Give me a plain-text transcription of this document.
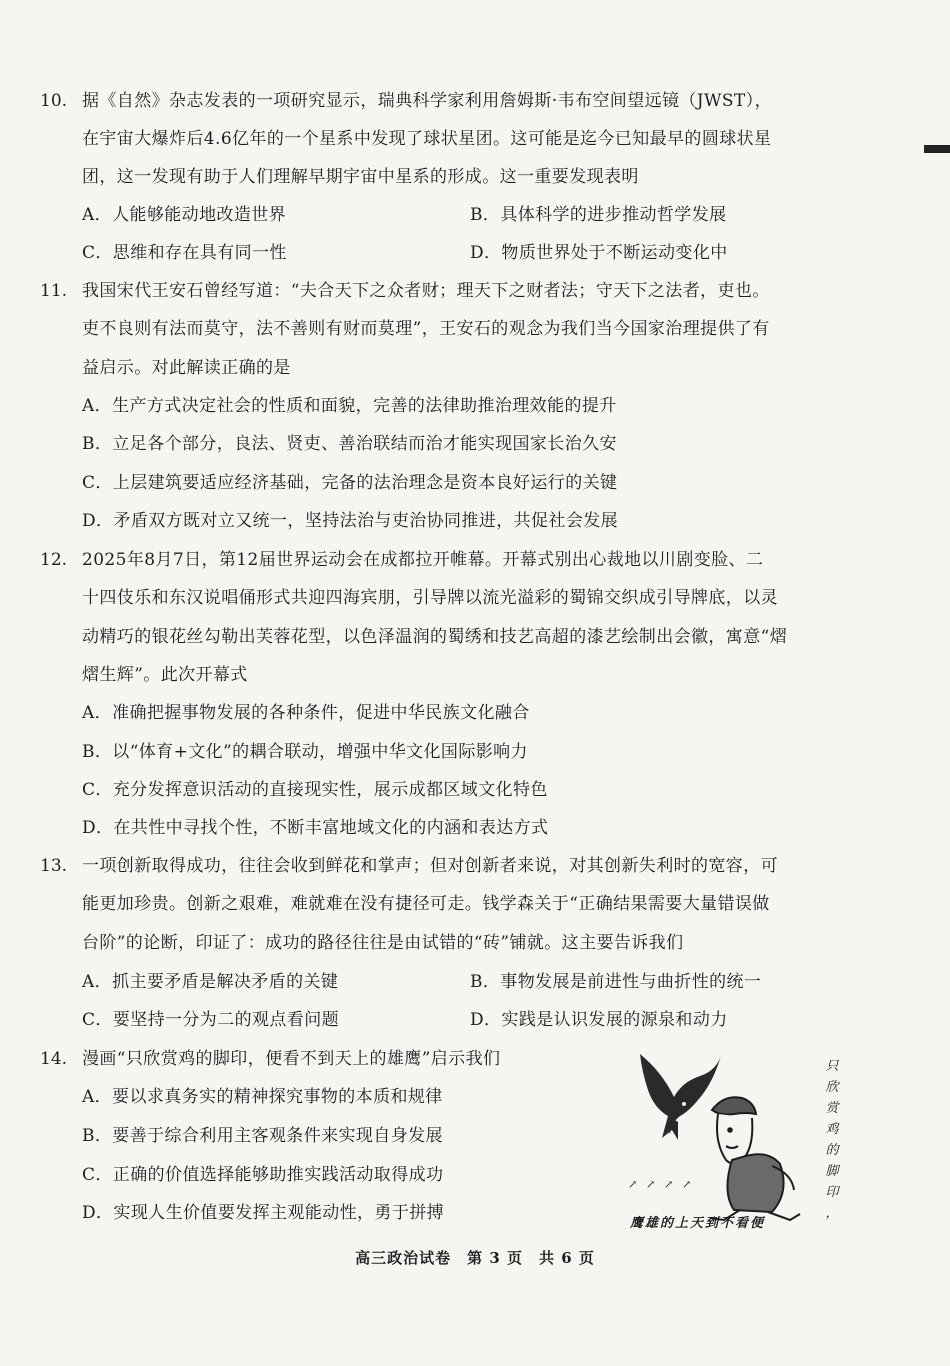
10. 据《自然》杂志发表的一项研究显示，瑞典科学家利用詹姆斯·韦布空间望远镜（JWST），
在宇宙大爆炸后4.6亿年的一个星系中发现了球状星团。这可能是迄今已知最早的圆球状星
团，这一发现有助于人们理解早期宇宙中星系的形成。这一重要发现表明
A．人能够能动地改造世界	B．具体科学的进步推动哲学发展
C．思维和存在具有同一性	D．物质世界处于不断运动变化中
11. 我国宋代王安石曾经写道：“夫合天下之众者财；理天下之财者法；守天下之法者，吏也。
吏不良则有法而莫守，法不善则有财而莫理”，王安石的观念为我们当今国家治理提供了有
益启示。对此解读正确的是
A．生产方式决定社会的性质和面貌，完善的法律助推治理效能的提升
B．立足各个部分，良法、贤吏、善治联结而治才能实现国家长治久安
C．上层建筑要适应经济基础，完备的法治理念是资本良好运行的关键
D．矛盾双方既对立又统一，坚持法治与吏治协同推进，共促社会发展
12. 2025年8月7日，第12届世界运动会在成都拉开帷幕。开幕式别出心裁地以川剧变脸、二
十四伎乐和东汉说唱俑形式共迎四海宾朋，引导牌以流光溢彩的蜀锦交织成引导牌底，以灵
动精巧的银花丝勾勒出芙蓉花型，以色泽温润的蜀绣和技艺高超的漆艺绘制出会徽，寓意“熠
熠生辉”。此次开幕式
A．准确把握事物发展的各种条件，促进中华民族文化融合
B．以“体育+文化”的耦合联动，增强中华文化国际影响力
C．充分发挥意识活动的直接现实性，展示成都区域文化特色
D．在共性中寻找个性，不断丰富地域文化的内涵和表达方式
13. 一项创新取得成功，往往会收到鲜花和掌声；但对创新者来说，对其创新失利时的宽容，可
能更加珍贵。创新之艰难，难就难在没有捷径可走。钱学森关于“正确结果需要大量错误做
台阶”的论断，印证了：成功的路径往往是由试错的“砖”铺就。这主要告诉我们
A．抓主要矛盾是解决矛盾的关键	B．事物发展是前进性与曲折性的统一
C．要坚持一分为二的观点看问题	D．实践是认识发展的源泉和动力
14. 漫画“只欣赏鸡的脚印，便看不到天上的雄鹰”启示我们
A．要以求真务实的精神探究事物的本质和规律
B．要善于综合利用主客观条件来实现自身发展
C．正确的价值选择能够助推实践活动取得成功
D．实现人生价值要发挥主观能动性，勇于拼搏
↗ ↗ ↗ ↗
只
欣
赏
鸡
的
脚
印
，
鹰雄的上天到不看便
高三政治试卷　第 3 页　共 6 页
